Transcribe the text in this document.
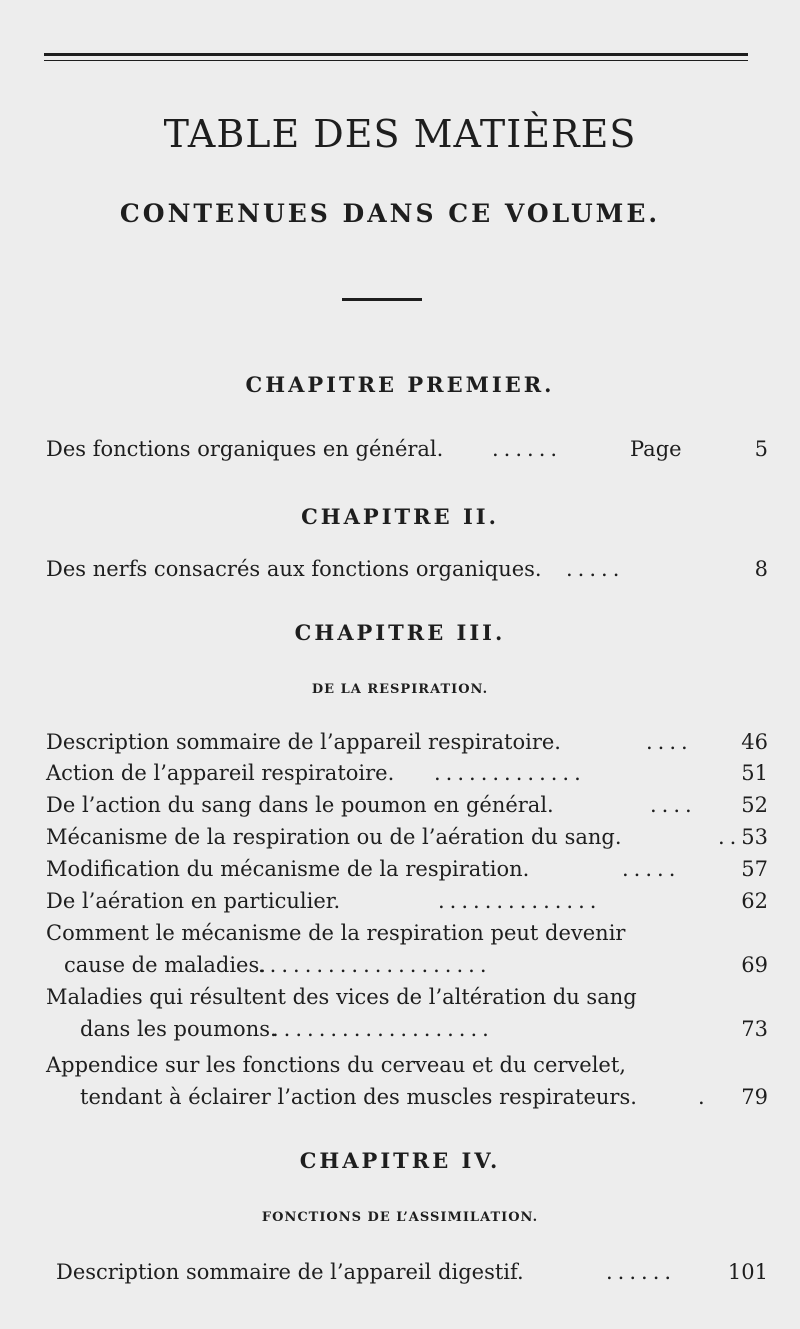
TABLE DES MATIÈRES
CONTENUES DANS CE VOLUME.
CHAPITRE PREMIER.
Des fonctions organiques en général. ......	Page	5
CHAPITRE II.
Des nerfs consacrés aux fonctions organiques. .....	8
CHAPITRE III.
DE LA RESPIRATION.
Description sommaire de l’appareil respiratoire.	.... 46
Action de l’appareil respiratoire. .............	51
De l’action du sang dans le poumon en général.	.... 52
Mécanisme de la respiration ou de l’aération du sang.	.. 53
Modification du mécanisme de la respiration.	.....	57
De l’aération en particulier.	..............	62
Comment le mécanisme de la respiration peut devenir
cause de maladies.
....................	69
Maladies qui résultent des vices de l’altération du sang
dans les poumons.
...................	73
Appendice sur les fonctions du cerveau et du cervelet,
tendant à éclairer l’action des muscles respirateurs.	. 79
CHAPITRE IV.
FONCTIONS DE L’ASSIMILATION.
Description sommaire de l’appareil digestif.	...... 101
